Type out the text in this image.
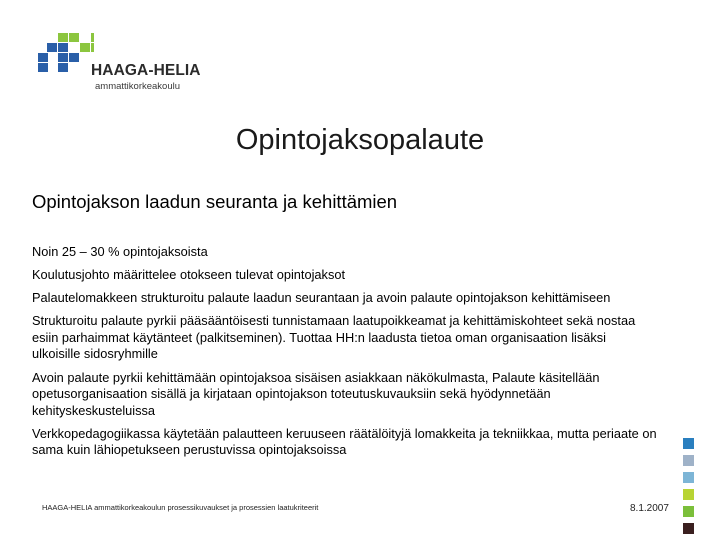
HAAGA-HELIA
ammattikorkeakoulu
Opintojaksopalaute
Opintojakson laadun seuranta ja kehittämien
Noin 25 – 30 % opintojaksoista
Koulutusjohto määrittelee otokseen tulevat opintojaksot
Palautelomakkeen strukturoitu palaute laadun seurantaan ja avoin palaute opintojakson kehittämiseen
Strukturoitu palaute pyrkii pääsääntöisesti tunnistamaan laatupoikkeamat ja kehittämiskohteet sekä nostaa esiin parhaimmat käytänteet (palkitseminen). Tuottaa HH:n laadusta tietoa oman organisaation lisäksi ulkoisille sidosryhmille
Avoin palaute pyrkii kehittämään opintojaksoa sisäisen asiakkaan näkökulmasta, Palaute käsitellään opetusorganisaation sisällä ja kirjataan opintojakson toteutuskuvauksiin sekä hyödynnetään kehityskeskusteluissa
Verkkopedagogiikassa käytetään palautteen keruuseen räätälöityjä lomakkeita ja tekniikkaa, mutta periaate on sama kuin lähiopetukseen perustuvissa opintojaksoissa
HAAGA-HELIA ammattikorkeakoulun prosessikuvaukset ja prosessien laatukriteerit	8.1.2007
